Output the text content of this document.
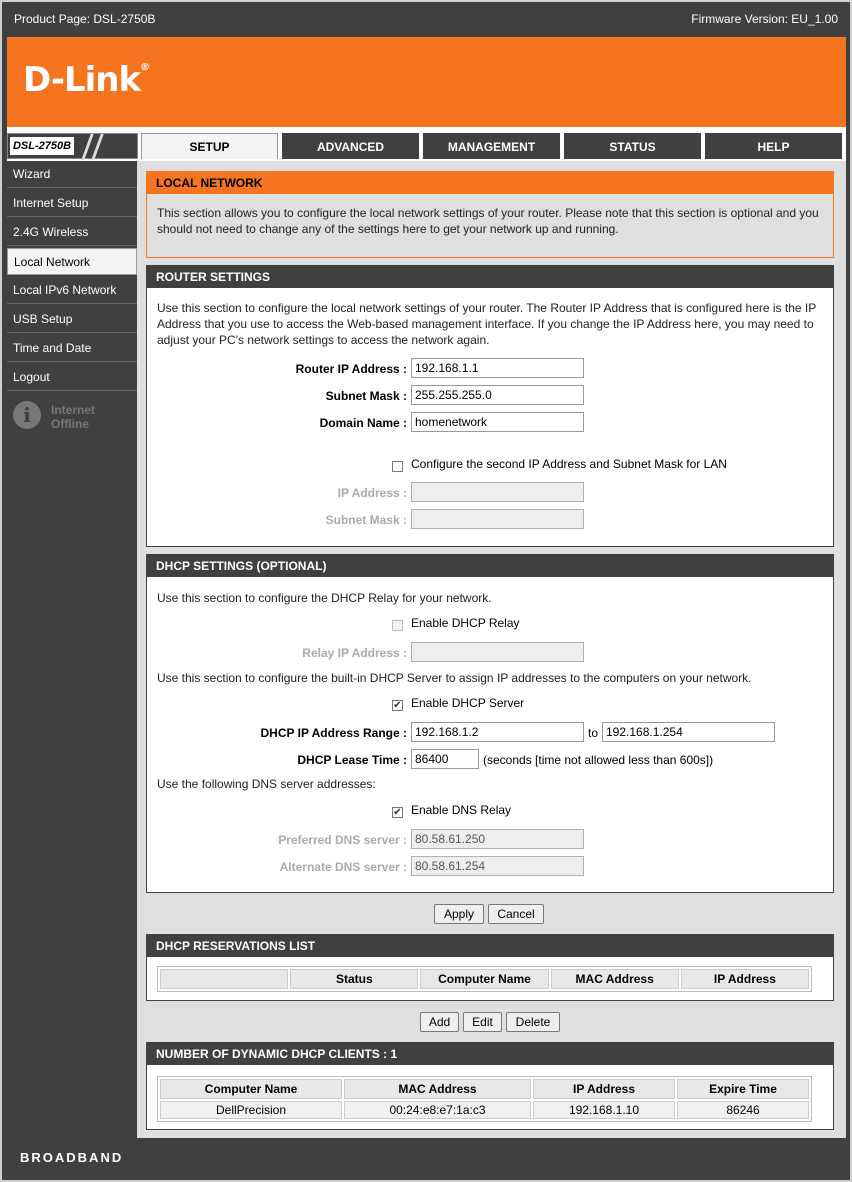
Product Page: DSL-2750B	Firmware Version: EU_1.00
D-Link®
DSL-2750B	SETUP	ADVANCED	MANAGEMENT	STATUS	HELP
Wizard
Internet Setup
2.4G Wireless
Local Network
Local IPv6 Network
USB Setup
Time and Date
Logout
i	Internet
Offline
LOCAL NETWORK
This section allows you to configure the local network settings of your router. Please note that this section is optional and you should not need to change any of the settings here to get your network up and running.
ROUTER SETTINGS
Use this section to configure the local network settings of your router. The Router IP Address that is configured here is the IP Address that you use to access the Web-based management interface. If you change the IP Address here, you may need to adjust your PC's network settings to access the network again.
Router IP Address : 192.168.1.1
Subnet Mask : 255.255.255.0
Domain Name : homenetwork
Configure the second IP Address and Subnet Mask for LAN
IP Address :
Subnet Mask :
DHCP SETTINGS (OPTIONAL)
Use this section to configure the DHCP Relay for your network.
Enable DHCP Relay
Relay IP Address :
Use this section to configure the built-in DHCP Server to assign IP addresses to the computers on your network.
✔ Enable DHCP Server
DHCP IP Address Range : 192.168.1.2	to 192.168.1.254
DHCP Lease Time : 86400	(seconds [time not allowed less than 600s])
Use the following DNS server addresses:
✔ Enable DNS Relay
Preferred DNS server : 80.58.61.250
Alternate DNS server : 80.58.61.254
Apply	Cancel
DHCP RESERVATIONS LIST
	Status	Computer Name	MAC Address	IP Address
Add	Edit	Delete
NUMBER OF DYNAMIC DHCP CLIENTS : 1
Computer Name	MAC Address	IP Address	Expire Time
DellPrecision	00:24:e8:e7:1a:c3	192.168.1.10	86246
BROADBAND
